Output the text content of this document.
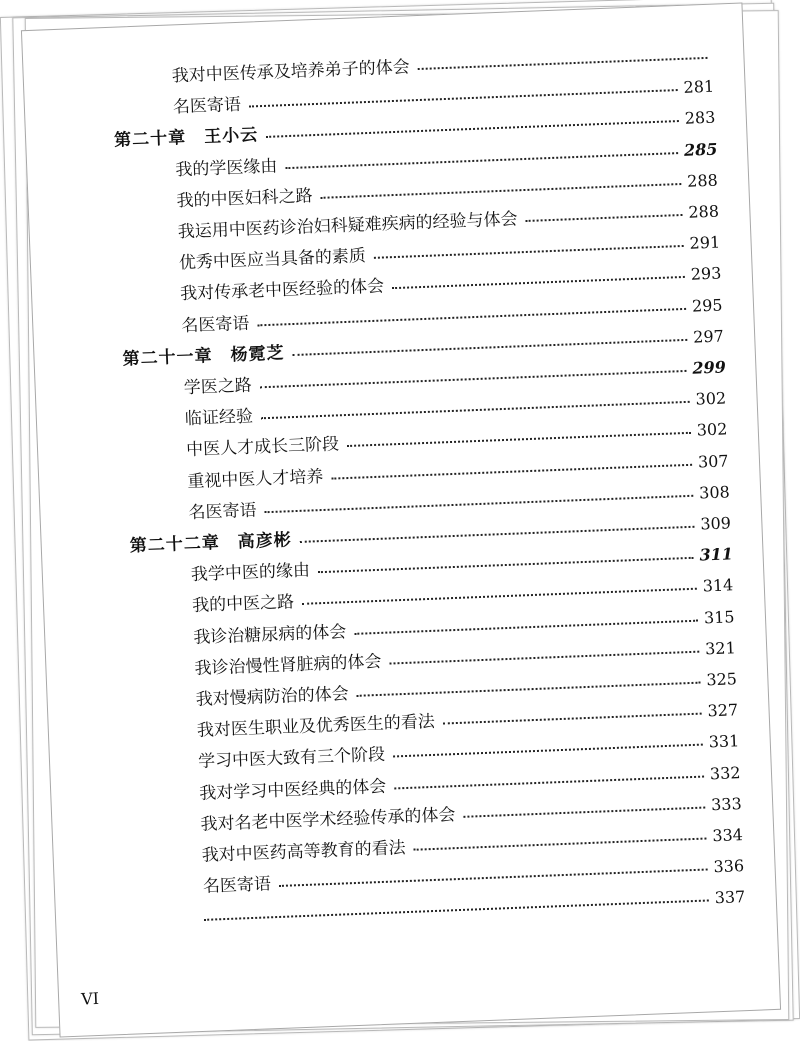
我对中医传承及培养弟子的体会
名医寄语
281
第二十章　王小云
283
我的学医缘由
285
我的中医妇科之路
288
我运用中医药诊治妇科疑难疾病的经验与体会	288
优秀中医应当具备的素质
291
我对传承老中医经验的体会
293
名医寄语
295
第二十一章　杨霓芝
297
学医之路
299
临证经验
302
中医人才成长三阶段
302
重视中医人才培养
307
名医寄语
308
第二十二章　高彦彬
309
我学中医的缘由
311
我的中医之路
314
我诊治糖尿病的体会
315
我诊治慢性肾脏病的体会
321
我对慢病防治的体会
325
我对医生职业及优秀医生的看法
327
学习中医大致有三个阶段
331
我对学习中医经典的体会
332
我对名老中医学术经验传承的体会
333
我对中医药高等教育的看法
334
名医寄语
336
337
VI
